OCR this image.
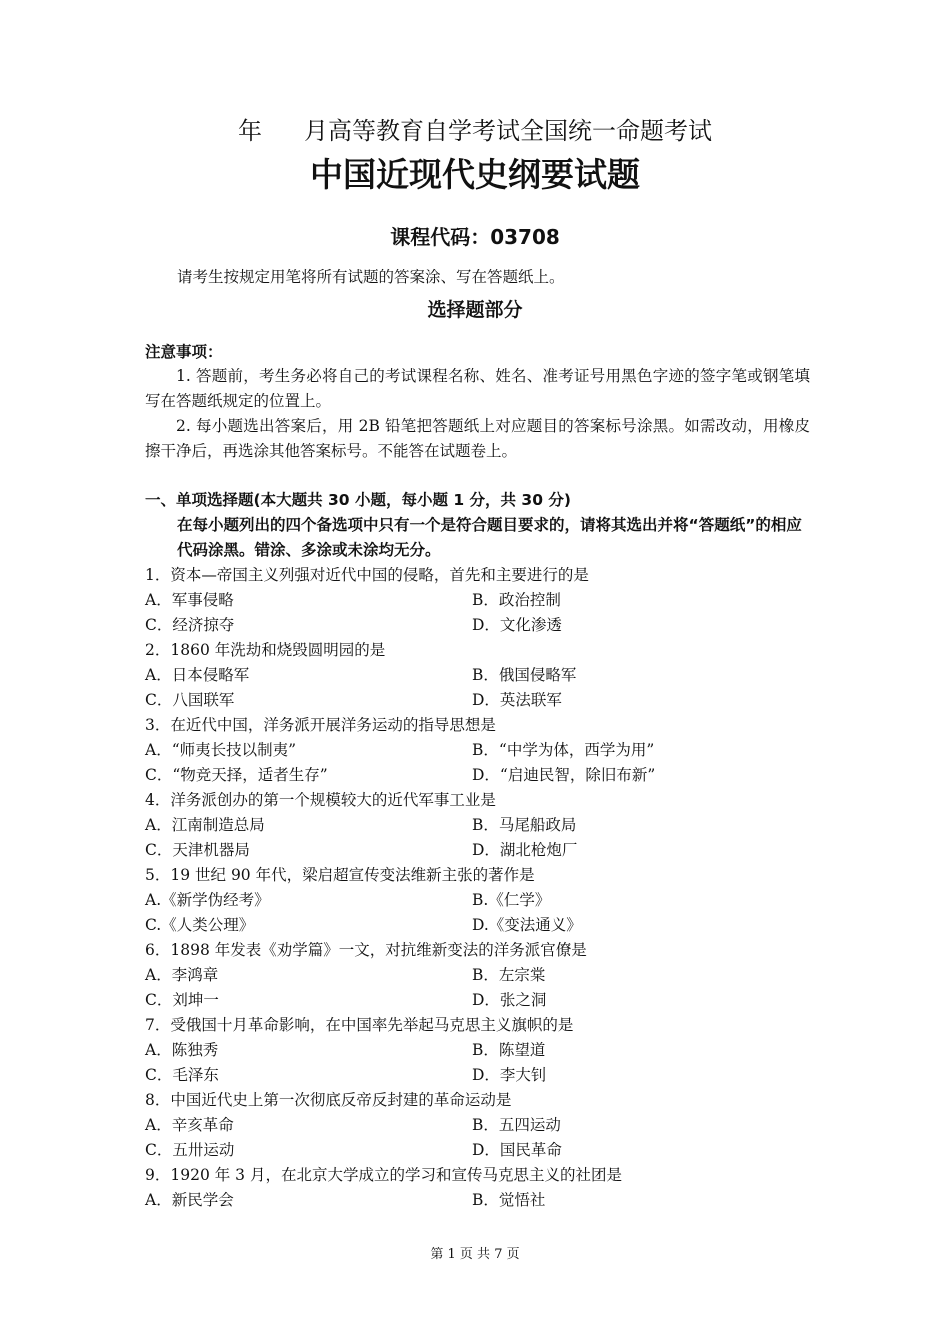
年 月高等教育自学考试全国统一命题考试
中国近现代史纲要试题
课程代码：03708
请考生按规定用笔将所有试题的答案涂、写在答题纸上。
选择题部分
注意事项：

1. 答题前，考生务必将自己的考试课程名称、姓名、准考证号用黑色字迹的签字笔或钢笔填写在答题纸规定的位置上。

2. 每小题选出答案后，用 2B 铅笔把答题纸上对应题目的答案标号涂黑。如需改动，用橡皮擦干净后，再选涂其他答案标号。不能答在试题卷上。

一、单项选择题(本大题共 30 小题，每小题 1 分，共 30 分)
在每小题列出的四个备选项中只有一个是符合题目要求的，请将其选出并将“答题纸”的相应代码涂黑。错涂、多涂或未涂均无分。
1．资本—帝国主义列强对近代中国的侵略，首先和主要进行的是
A．军事侵略	B．政治控制
C．经济掠夺	D．文化渗透
2．1860 年洗劫和烧毁圆明园的是
A．日本侵略军	B．俄国侵略军
C．八国联军	D．英法联军
3．在近代中国，洋务派开展洋务运动的指导思想是
A．“师夷长技以制夷”	B．“中学为体，西学为用”
C．“物竞天择，适者生存”	D．“启迪民智，除旧布新”
4．洋务派创办的第一个规模较大的近代军事工业是
A．江南制造总局	B．马尾船政局
C．天津机器局	D．湖北枪炮厂
5．19 世纪 90 年代，梁启超宣传变法维新主张的著作是
A.《新学伪经考》	B.《仁学》
C.《人类公理》	D.《变法通义》
6．1898 年发表《劝学篇》一文，对抗维新变法的洋务派官僚是
A．李鸿章	B．左宗棠
C．刘坤一	D．张之洞
7．受俄国十月革命影响，在中国率先举起马克思主义旗帜的是
A．陈独秀	B．陈望道
C．毛泽东	D．李大钊
8．中国近代史上第一次彻底反帝反封建的革命运动是
A．辛亥革命	B．五四运动
C．五卅运动	D．国民革命
9．1920 年 3 月，在北京大学成立的学习和宣传马克思主义的社团是
A．新民学会	B．觉悟社
第 1 页 共 7 页
